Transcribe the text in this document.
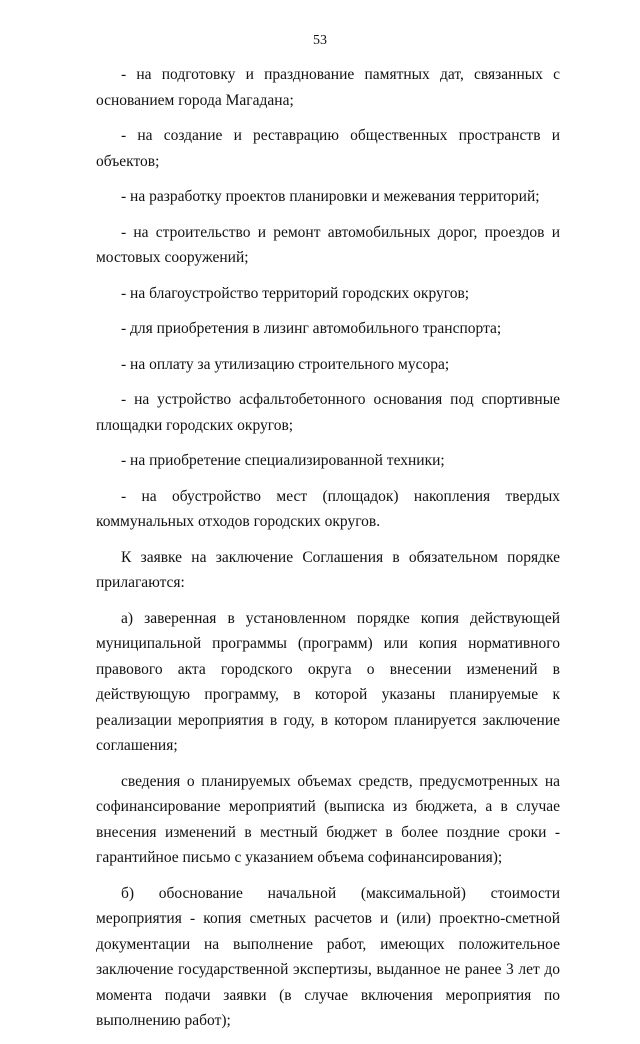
53

- на подготовку и празднование памятных дат, связанных с основанием города Магадана;

- на создание и реставрацию общественных пространств и объектов;

- на разработку проектов планировки и межевания территорий;

- на строительство и ремонт автомобильных дорог, проездов и мостовых сооружений;

- на благоустройство территорий городских округов;

- для приобретения в лизинг автомобильного транспорта;

- на оплату за утилизацию строительного мусора;

- на устройство асфальтобетонного основания под спортивные площадки городских округов;

- на приобретение специализированной техники;

- на обустройство мест (площадок) накопления твердых коммунальных отходов городских округов.

К заявке на заключение Соглашения в обязательном порядке прилагаются:

а) заверенная в установленном порядке копия действующей муниципальной программы (программ) или копия нормативного правового акта городского округа о внесении изменений в действующую программу, в которой указаны планируемые к реализации мероприятия в году, в котором планируется заключение соглашения;

сведения о планируемых объемах средств, предусмотренных на софинансирование мероприятий (выписка из бюджета, а в случае внесения изменений в местный бюджет в более поздние сроки - гарантийное письмо с указанием объема софинансирования);

б) обоснование начальной (максимальной) стоимости мероприятия - копия сметных расчетов и (или) проектно-сметной документации на выполнение работ, имеющих положительное заключение государственной экспертизы, выданное не ранее 3 лет до момента подачи заявки (в случае включения мероприятия по выполнению работ);
